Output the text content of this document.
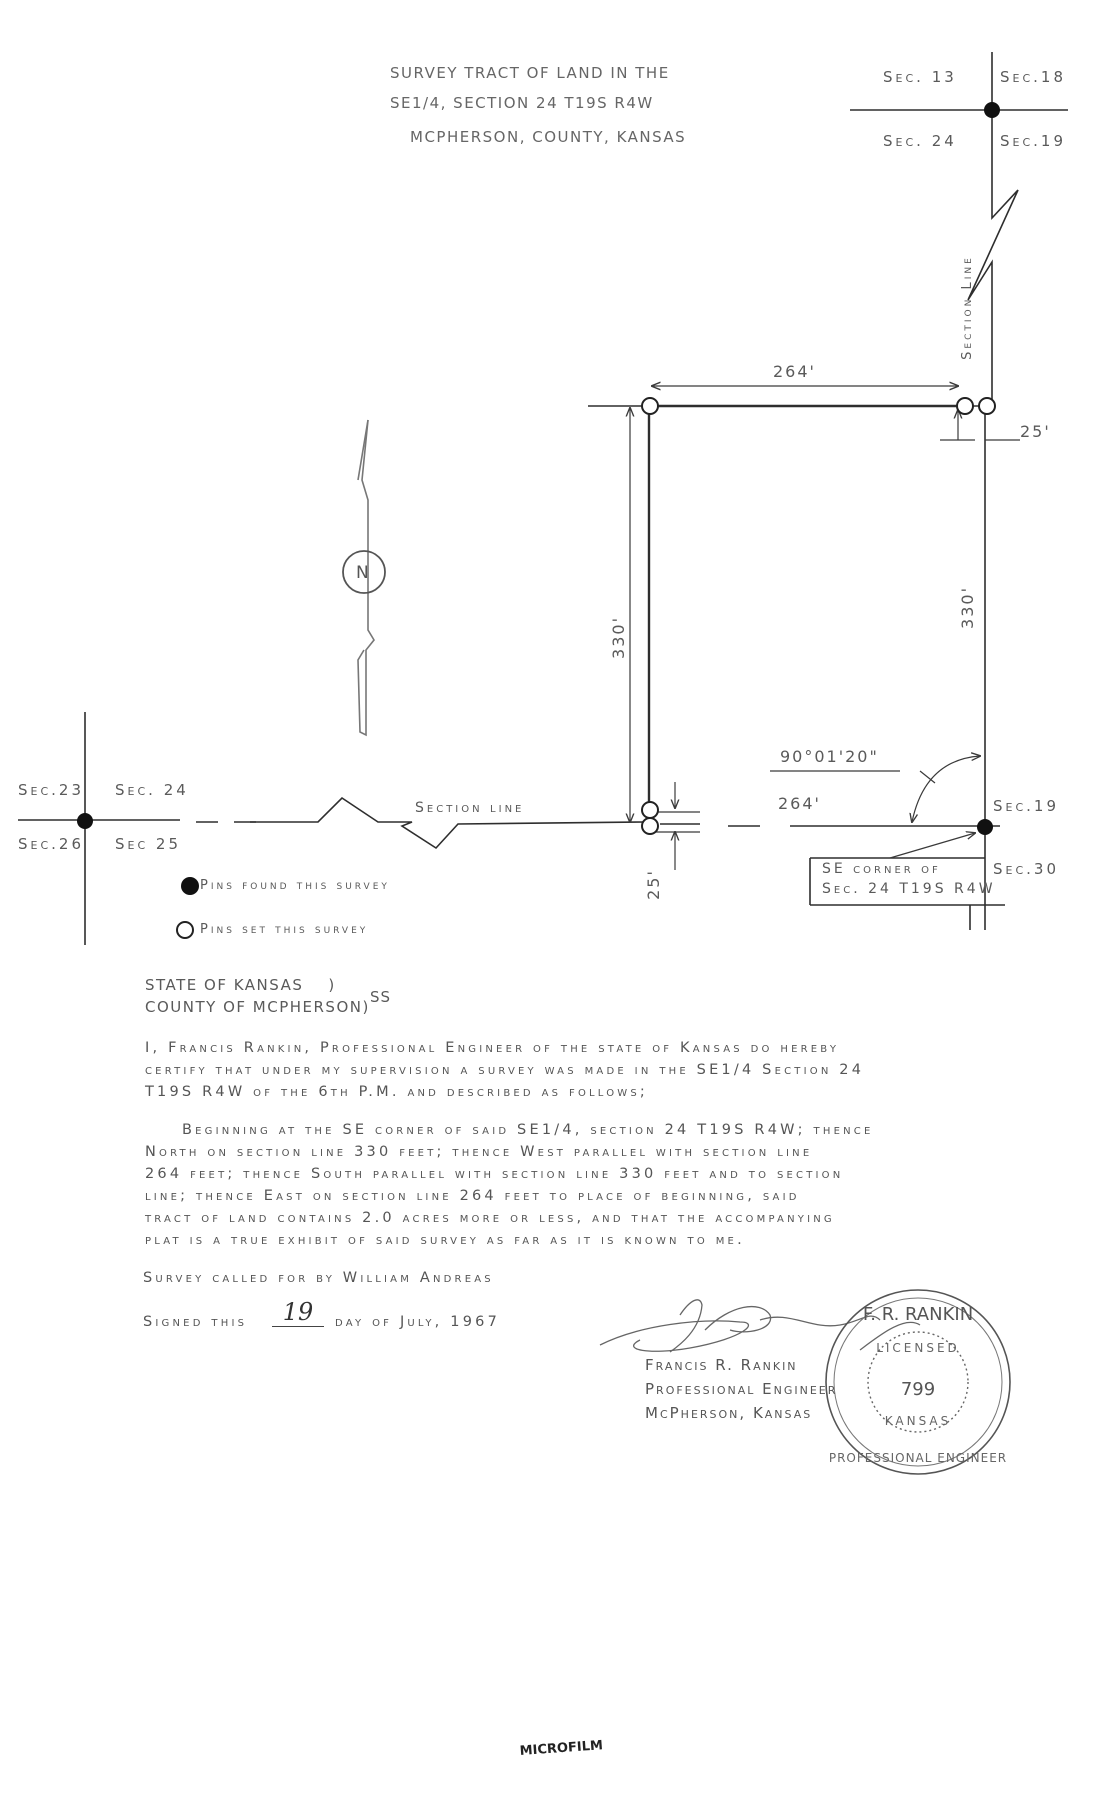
SURVEY TRACT OF LAND IN THE
SE1/4, SECTION 24 T19S R4W
MCPHERSON, COUNTY, KANSAS
F. R. RANKIN
LICENSED
799
KANSAS
PROFESSIONAL ENGINEER
MICROFILM
Sec. 13	Sec.18
Sec. 24	Sec.19
Sec.23 Sec. 24
Sec.26 Sec 25
Sec.19
Sec.30
Section Line
Section line
264'
264'
330'
330'
25'
25'
90°01'20"
N
SE corner of
Sec. 24 T19S R4W
Pins found this survey
Pins set this survey
STATE OF KANSAS    )
COUNTY OF MCPHERSON)
SS
I, Francis Rankin, Professional Engineer of the state of Kansas do hereby
certify that under my supervision a survey was made in the SE1/4 Section 24
T19S R4W of the 6th P.M. and described as follows;
Beginning at the SE corner of said SE1/4, section 24 T19S R4W; thence
North on section line 330 feet; thence West parallel with section line
264 feet; thence South parallel with section line 330 feet and to section
line; thence East on section line 264 feet to place of beginning, said
tract of land contains 2.0 acres more or less, and that the accompanying
plat is a true exhibit of said survey as far as it is known to me.
Survey called for by William Andreas
Signed this	19	day of July, 1967
Francis R. Rankin
Professional Engineer
McPherson, Kansas
